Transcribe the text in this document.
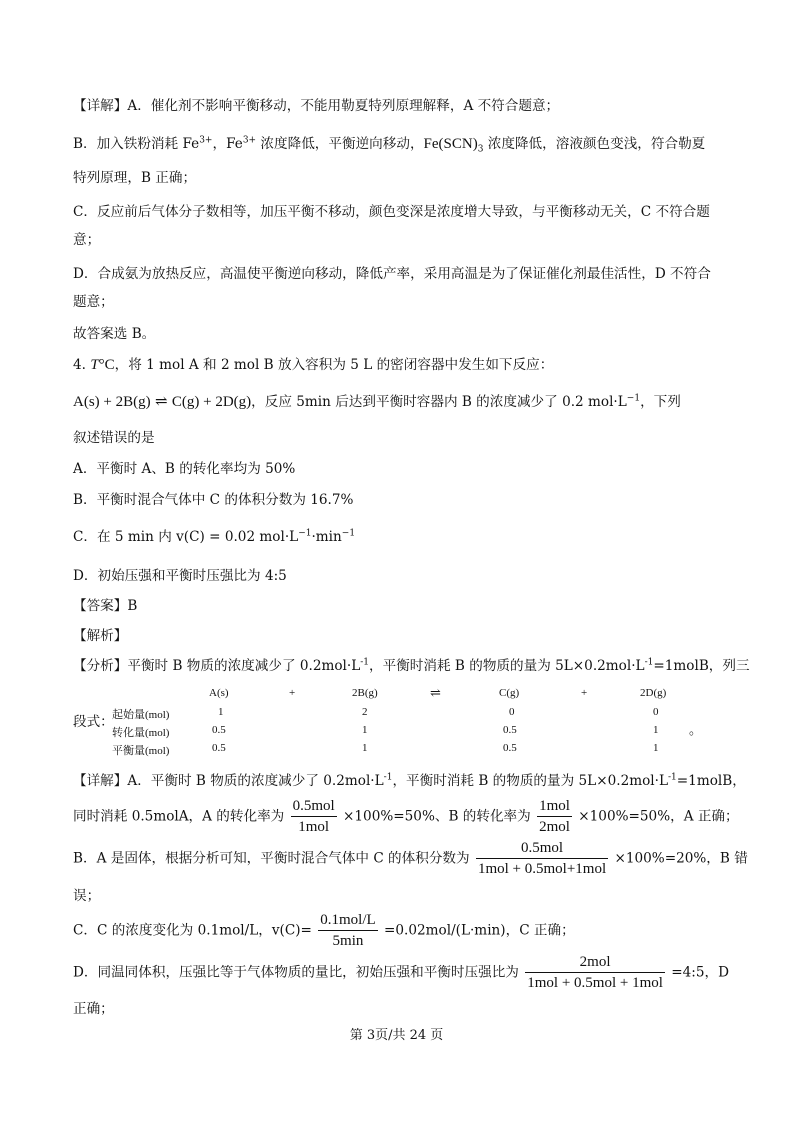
【详解】A．催化剂不影响平衡移动，不能用勒夏特列原理解释，A 不符合题意；
B．加入铁粉消耗 $Fe^{3+}$，$Fe^{3+}$ 浓度降低，平衡逆向移动，$Fe(SCN)_3$ 浓度降低，溶液颜色变浅，符合勒夏
特列原理，B 正确；
C．反应前后气体分子数相等，加压平衡不移动，颜色变深是浓度增大导致，与平衡移动无关，C 不符合题
意；
D．合成氨为放热反应，高温使平衡逆向移动，降低产率，采用高温是为了保证催化剂最佳活性，D 不符合
题意；
故答案选 B。
4. T°C，将 1 mol A 和 2 mol B 放入容积为 5 L 的密闭容器中发生如下反应：
A(s) + 2B(g) ⇌ C(g) + 2D(g)，反应 5min 后达到平衡时容器内 B 的浓度减少了 0.2 $mol\cdot L^{-1}$，下列
叙述错误的是
A．平衡时 A、B 的转化率均为 50%
B．平衡时混合气体中 C 的体积分数为 16.7%
C．在 5 min 内 v(C) = 0.02 $mol\cdot L^{-1}\cdot\min^{-1}$
D．初始压强和平衡时压强比为 4:5
【答案】B
【解析】
【分析】平衡时 B 物质的浓度减少了 $0.2mol\cdot L^{-1}$，平衡时消耗 B 的物质的量为 $5L\times 0.2mol\cdot L^{-1}=1molB$，列三
段式：
A(s)	+	2B(g)	⇌	C(g)	+	2D(g)
起始量(mol)	1	2	0	0
转化量(mol)	0.5	1	0.5	1 。
平衡量(mol)	0.5	1	0.5	1
【详解】A．平衡时 B 物质的浓度减少了 $0.2mol\cdot L^{-1}$，平衡时消耗 B 的物质的量为 $5L\times 0.2mol\cdot L^{-1}=1molB$，
同时消耗 0.5molA，A 的转化率为 $\frac{\text{0.5mol}}{\text{1mol}} \times 100\%=50\%$、B 的转化率为 $\frac{\text{1mol}}{\text{2mol}} \times 100\%=50\%$，A 正确；
B．A 是固体，根据分析可知，平衡时混合气体中 C 的体积分数为 $\frac{\text{0.5mol}}{\text{1mol + 0.5mol+1mol}} \times 100\%=20\%$，B 错
误；
C．C 的浓度变化为 0.1mol/L，$v(C)= \frac{\text{0.1mol/L}}{5\min} =0.02mol/(L\cdot\min)$，C 正确；
D．同温同体积，压强比等于气体物质的量比，初始压强和平衡时压强比为 $\frac{\text{2mol}}{\text{1mol + 0.5mol + 1mol}}$ =4:5，D
正确；
第 3页/共 24 页
